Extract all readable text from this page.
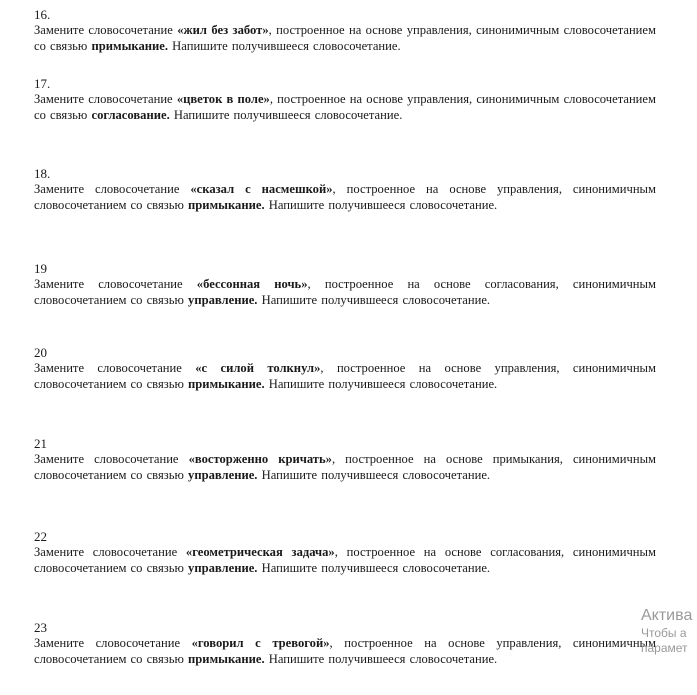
16.

Замените словосочетание «жил без забот», построенное на основе управления, синонимичным словосочетанием со связью примыкание. Напишите получившееся словосочетание.

17.

Замените словосочетание «цветок в поле», построенное на основе управления, синонимичным словосочетанием со связью согласование. Напишите получившееся словосочетание.

18.

Замените словосочетание «сказал с насмешкой», построенное на основе управления, синонимичным словосочетанием со связью примыкание. Напишите получившееся словосочетание.

19

Замените словосочетание «бессонная ночь», построенное на основе согласования, синонимичным словосочетанием со связью управление. Напишите получившееся словосочетание.

20

Замените словосочетание «с силой толкнул», построенное на основе управления, синонимичным словосочетанием со связью примыкание. Напишите получившееся словосочетание.

21

Замените словосочетание «восторженно кричать», построенное на основе примыкания, синонимичным словосочетанием со связью управление. Напишите получившееся словосочетание.

22

Замените словосочетание «геометрическая задача», построенное на основе согласования, синонимичным словосочетанием со связью управление. Напишите получившееся словосочетание.

23

Замените словосочетание «говорил с тревогой», построенное на основе управления, синонимичным словосочетанием со связью примыкание. Напишите получившееся словосочетание.

Актива
Чтобы а
парамет
